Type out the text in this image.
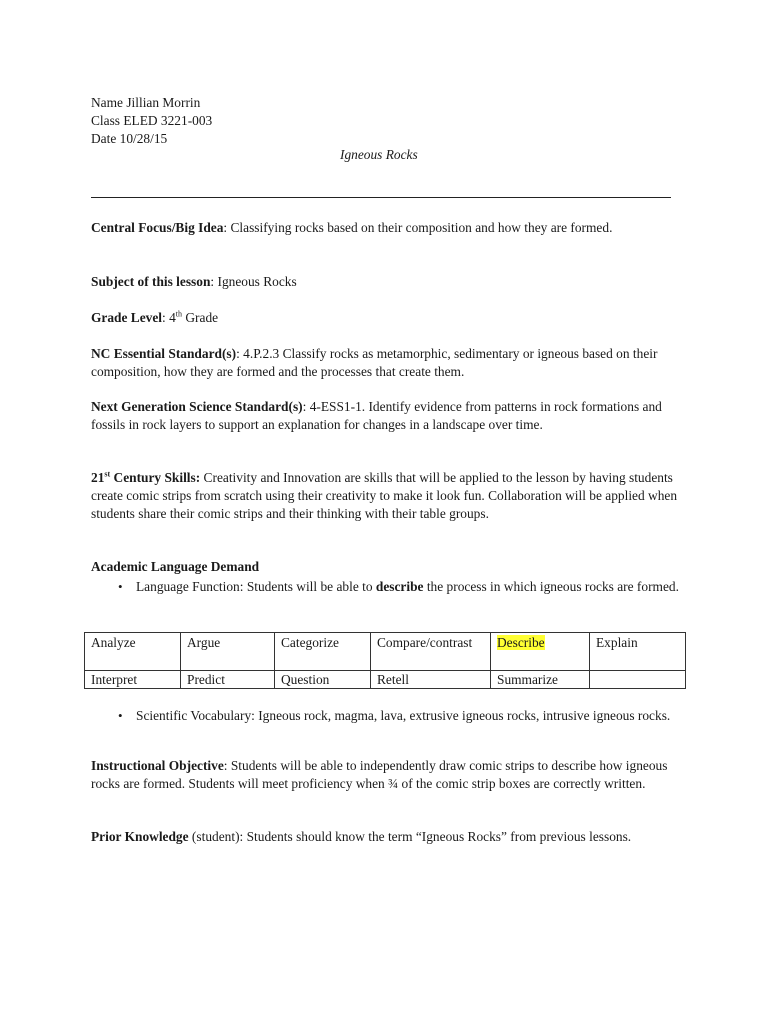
Name Jillian Morrin
Class ELED 3221-003
Date 10/28/15
Igneous Rocks
Central Focus/Big Idea: Classifying rocks based on their composition and how they are formed.
Subject of this lesson: Igneous Rocks
Grade Level: 4th Grade
NC Essential Standard(s): 4.P.2.3 Classify rocks as metamorphic, sedimentary or igneous based on their composition, how they are formed and the processes that create them.
Next Generation Science Standard(s): 4-ESS1-1. Identify evidence from patterns in rock formations and fossils in rock layers to support an explanation for changes in a landscape over time.
21st Century Skills: Creativity and Innovation are skills that will be applied to the lesson by having students create comic strips from scratch using their creativity to make it look fun. Collaboration will be applied when students share their comic strips and their thinking with their table groups.
Academic Language Demand
• Language Function: Students will be able to describe the process in which igneous rocks are formed.
Analyze	Argue	Categorize	Compare/contrast	Describe	Explain
Interpret	Predict	Question	Retell	Summarize	
• Scientific Vocabulary: Igneous rock, magma, lava, extrusive igneous rocks, intrusive igneous rocks.
Instructional Objective: Students will be able to independently draw comic strips to describe how igneous rocks are formed. Students will meet proficiency when ¾ of the comic strip boxes are correctly written.
Prior Knowledge (student): Students should know the term “Igneous Rocks” from previous lessons.
